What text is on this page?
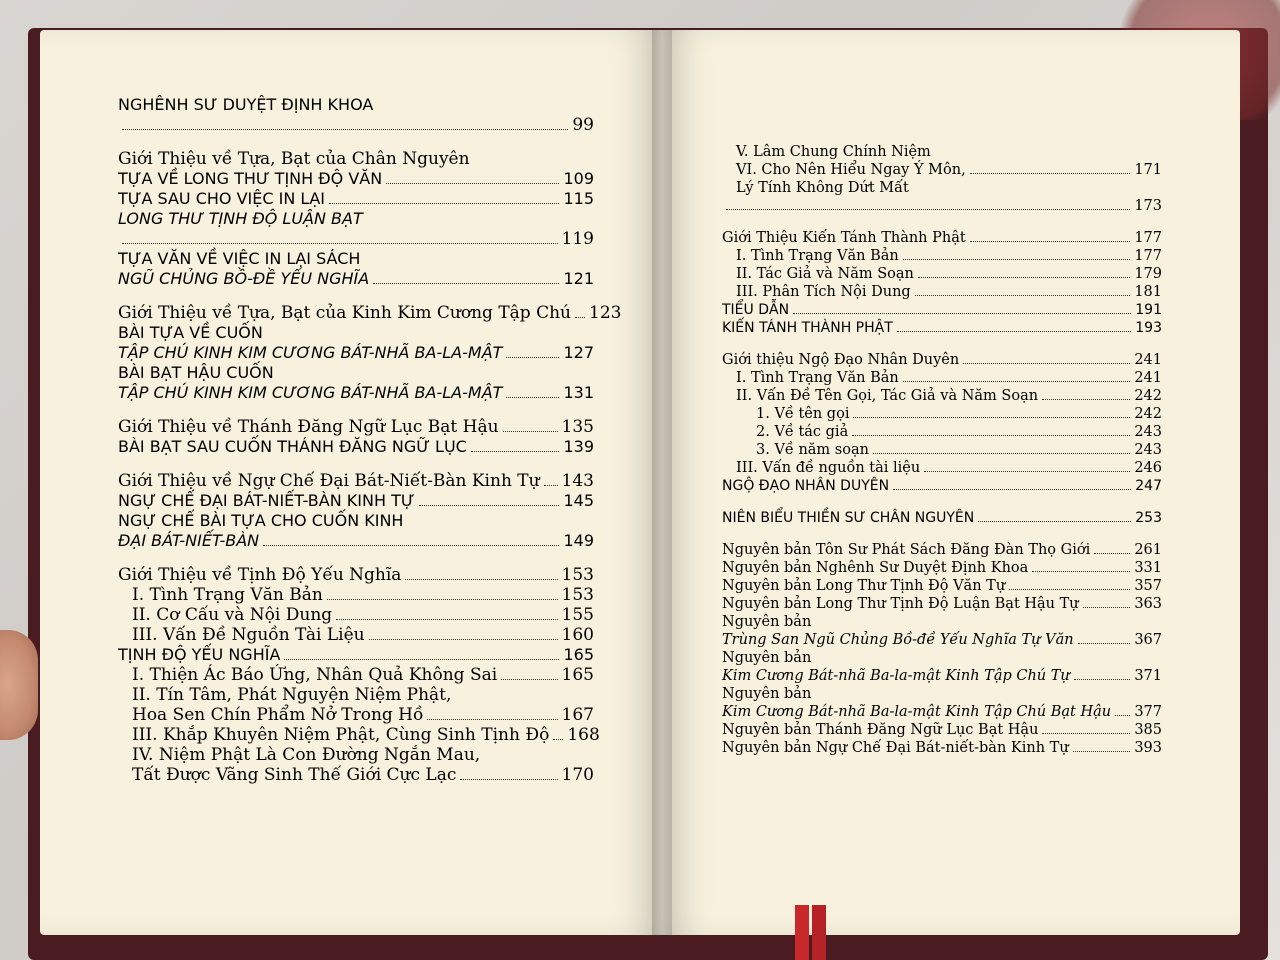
NGHÊNH SƯ DUYỆT ĐỊNH KHOA
99
Giới Thiệu về Tựa, Bạt của Chân Nguyên
TỰA VỀ LONG THƯ TỊNH ĐỘ VĂN	109
TỰA SAU CHO VIỆC IN LẠI	115
LONG THƯ TỊNH ĐỘ LUẬN BẠT
119
TỰA VĂN VỀ VIỆC IN LẠI SÁCH
NGŨ CHỦNG BỒ-ĐỀ YẾU NGHĨA	121
Giới Thiệu về Tựa, Bạt của Kinh Kim Cương Tập Chú 123
BÀI TỰA VỀ CUỐN
TẬP CHÚ KINH KIM CƯƠNG BÁT-NHÃ BA-LA-MẬT	127
BÀI BẠT HẬU CUỐN
TẬP CHÚ KINH KIM CƯƠNG BÁT-NHÃ BA-LA-MẬT	131
Giới Thiệu về Thánh Đăng Ngữ Lục Bạt Hậu	135
BÀI BẠT SAU CUỐN THÁNH ĐĂNG NGỮ LỤC	139
Giới Thiệu về Ngự Chế Đại Bát-Niết-Bàn Kinh Tự 143
NGỰ CHẾ ĐẠI BÁT-NIẾT-BÀN KINH TỰ	145
NGỰ CHẾ BÀI TỰA CHO CUỐN KINH
ĐẠI BÁT-NIẾT-BÀN	149
Giới Thiệu về Tịnh Độ Yếu Nghĩa	153
I. Tình Trạng Văn Bản	153
II. Cơ Cấu và Nội Dung	155
III. Vấn Đề Nguồn Tài Liệu	160
TỊNH ĐỘ YẾU NGHĨA	165
I. Thiện Ác Báo Ứng, Nhân Quả Không Sai	165
II. Tín Tâm, Phát Nguyện Niệm Phật,
Hoa Sen Chín Phẩm Nở Trong Hồ	167
III. Khắp Khuyên Niệm Phật, Cùng Sinh Tịnh Độ 168
IV. Niệm Phật Là Con Đường Ngắn Mau,
Tất Được Vãng Sinh Thế Giới Cực Lạc	170
V. Lâm Chung Chính Niệm
VI. Cho Nên Hiểu Ngay Ý Môn,	171
Lý Tính Không Dứt Mất
173
Giới Thiệu Kiến Tánh Thành Phật	177
I. Tình Trạng Văn Bản	177
II. Tác Giả và Năm Soạn	179
III. Phân Tích Nội Dung	181
TIỂU DẪN	191
KIẾN TÁNH THÀNH PHẬT	193
Giới thiệu Ngộ Đạo Nhân Duyên	241
I. Tình Trạng Văn Bản	241
II. Vấn Đề Tên Gọi, Tác Giả và Năm Soạn	242
1. Về tên gọi	242
2. Về tác giả	243
3. Về năm soạn	243
III. Vấn đề nguồn tài liệu	246
NGỘ ĐẠO NHÂN DUYÊN	247
NIÊN BIỂU THIỀN SƯ CHÂN NGUYÊN	253
Nguyên bản Tôn Sư Phát Sách Đăng Đàn Thọ Giới	261
Nguyên bản Nghênh Sư Duyệt Định Khoa	331
Nguyên bản Long Thư Tịnh Độ Văn Tự	357
Nguyên bản Long Thư Tịnh Độ Luận Bạt Hậu Tự	363
Nguyên bản
Trùng San Ngũ Chủng Bồ-đề Yếu Nghĩa Tự Văn	367
Nguyên bản
Kim Cương Bát-nhã Ba-la-mật Kinh Tập Chú Tự	371
Nguyên bản
Kim Cương Bát-nhã Ba-la-mật Kinh Tập Chú Bạt Hậu 377
Nguyên bản Thánh Đăng Ngữ Lục Bạt Hậu	385
Nguyên bản Ngự Chế Đại Bát-niết-bàn Kinh Tự	393
